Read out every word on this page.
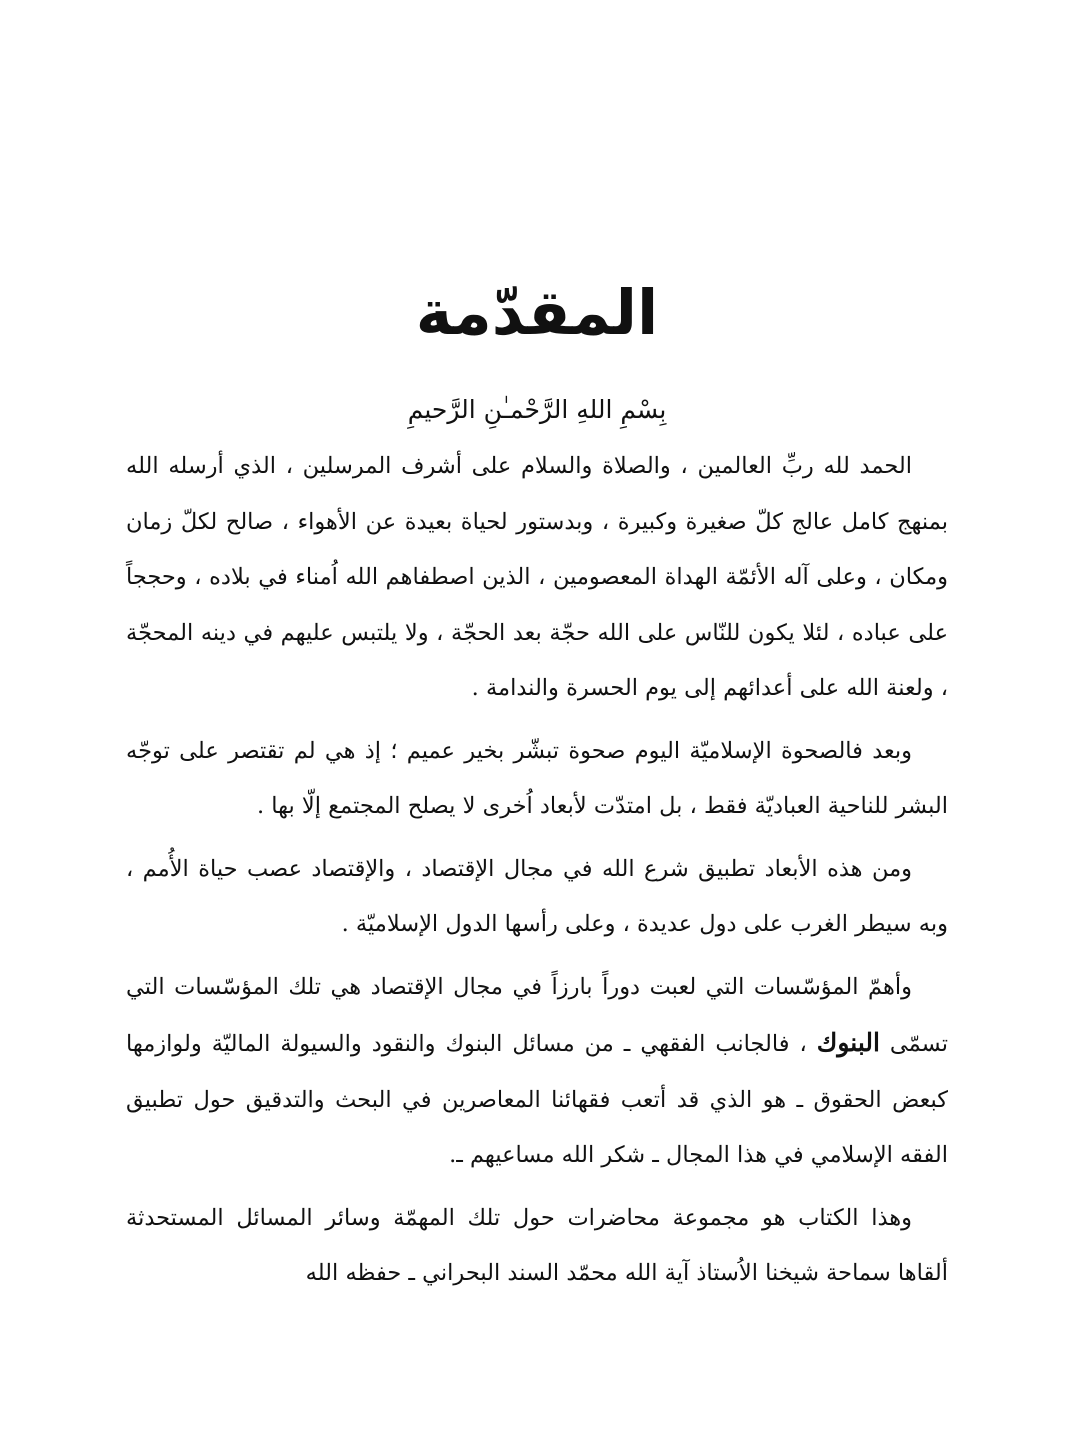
المقدّمة
بِسْمِ اللهِ الرَّحْمـٰنِ الرَّحيمِ

الحمد لله ربِّ العالمين ، والصلاة والسلام على أشرف المرسلين ، الذي أرسله الله بمنهج كامل عالج كلّ صغيرة وكبيرة ، وبدستور لحياة بعيدة عن الأهواء ، صالح لكلّ زمان ومكان ، وعلى آله الأئمّة الهداة المعصومين ، الذين اصطفاهم الله اُمناء في بلاده ، وحججاً على عباده ، لئلا يكون للنّاس على الله حجّة بعد الحجّة ، ولا يلتبس عليهم في دينه المحجّة ، ولعنة الله على أعدائهم إلى يوم الحسرة والندامة .

وبعد فالصحوة الإسلاميّة اليوم صحوة تبشّر بخير عميم ؛ إذ هي لم تقتصر على توجّه البشر للناحية العباديّة فقط ، بل امتدّت لأبعاد اُخرى لا يصلح المجتمع إلّا بها .

ومن هذه الأبعاد تطبيق شرع الله في مجال الإقتصاد ، والإقتصاد عصب حياة الأُمم ، وبه سيطر الغرب على دول عديدة ، وعلى رأسها الدول الإسلاميّة .

وأهمّ المؤسّسات التي لعبت دوراً بارزاً في مجال الإقتصاد هي تلك المؤسّسات التي تسمّى البنوك ، فالجانب الفقهي ـ من مسائل البنوك والنقود والسيولة الماليّة ولوازمها كبعض الحقوق ـ هو الذي قد أتعب فقهائنا المعاصرين في البحث والتدقيق حول تطبيق الفقه الإسلامي في هذا المجال ـ شكر الله مساعيهم ـ.

وهذا الكتاب هو مجموعة محاضرات حول تلك المهمّة وسائر المسائل المستحدثة ألقاها سماحة شيخنا الاُستاذ آية الله محمّد السند البحراني ـ حفظه الله
